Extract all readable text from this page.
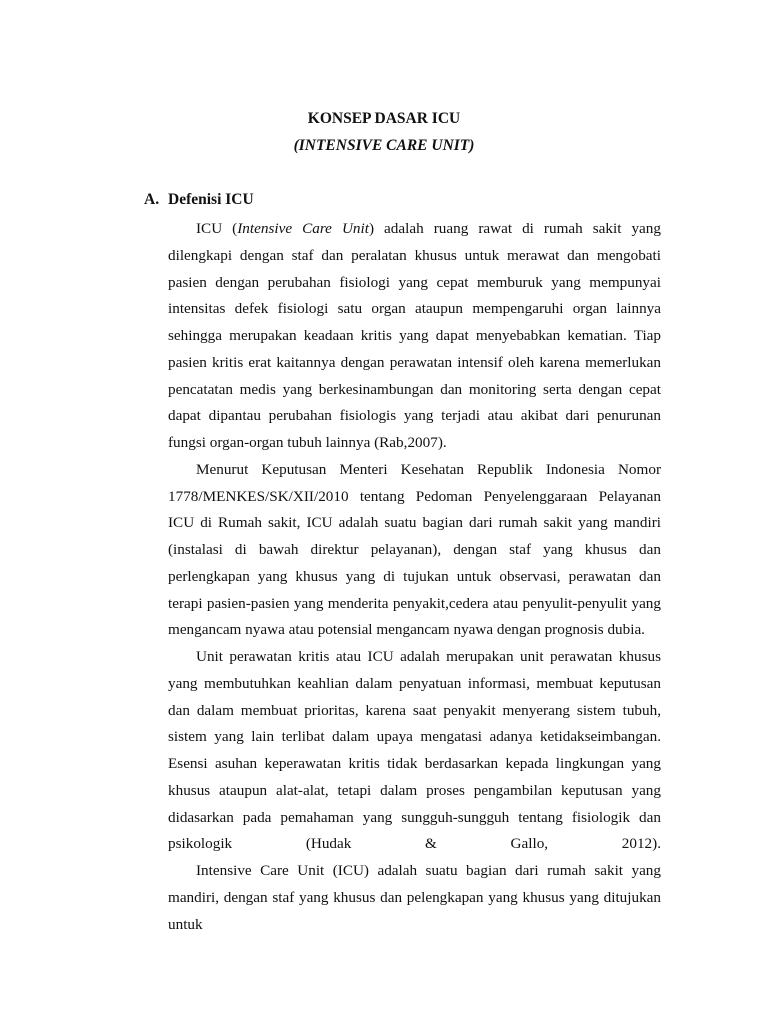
KONSEP DASAR ICU
(INTENSIVE CARE UNIT)
A. Defenisi ICU

ICU (Intensive Care Unit) adalah ruang rawat di rumah sakit yang dilengkapi dengan staf dan peralatan khusus untuk merawat dan mengobati pasien dengan perubahan fisiologi yang cepat memburuk yang mempunyai intensitas defek fisiologi satu organ ataupun mempengaruhi organ lainnya sehingga merupakan keadaan kritis yang dapat menyebabkan kematian. Tiap pasien kritis erat kaitannya dengan perawatan intensif oleh karena memerlukan pencatatan medis yang berkesinambungan dan monitoring serta dengan cepat dapat dipantau perubahan fisiologis yang terjadi atau akibat dari penurunan fungsi organ-organ tubuh lainnya (Rab,2007).

Menurut Keputusan Menteri Kesehatan Republik Indonesia Nomor 1778/MENKES/SK/XII/2010 tentang Pedoman Penyelenggaraan Pelayanan ICU di Rumah sakit, ICU adalah suatu bagian dari rumah sakit yang mandiri (instalasi di bawah direktur pelayanan), dengan staf yang khusus dan perlengkapan yang khusus yang di tujukan untuk observasi, perawatan dan terapi pasien-pasien yang menderita penyakit,cedera atau penyulit-penyulit yang mengancam nyawa atau potensial mengancam nyawa dengan prognosis dubia.

Unit perawatan kritis atau ICU adalah merupakan unit perawatan khusus yang membutuhkan keahlian dalam penyatuan informasi, membuat keputusan dan dalam membuat prioritas, karena saat penyakit menyerang sistem tubuh, sistem yang lain terlibat dalam upaya mengatasi adanya ketidakseimbangan. Esensi asuhan keperawatan kritis tidak berdasarkan kepada lingkungan yang khusus ataupun alat-alat, tetapi dalam proses pengambilan keputusan yang didasarkan pada pemahaman yang sungguh-sungguh tentang fisiologik dan psikologik (Hudak & Gallo, 2012).

Intensive Care Unit (ICU) adalah suatu bagian dari rumah sakit yang mandiri, dengan staf yang khusus dan pelengkapan yang khusus yang ditujukan untuk
